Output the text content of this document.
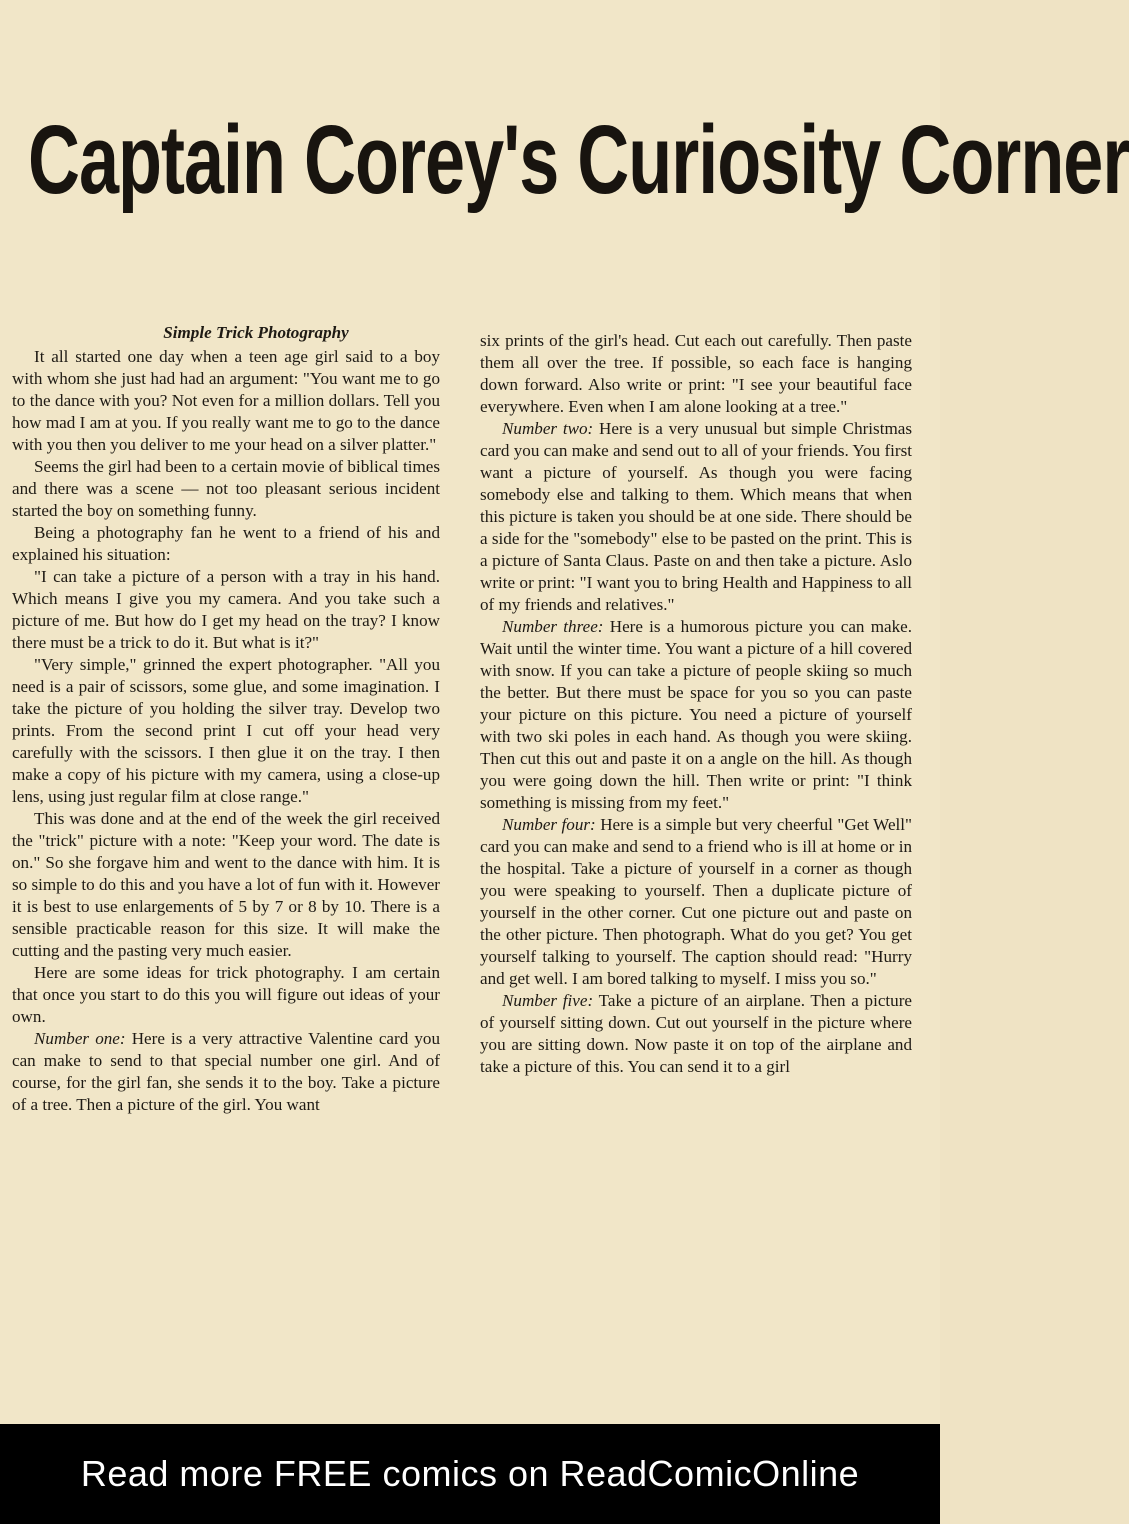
Captain Corey's Curiosity Corner
Simple Trick Photography

It all started one day when a teen age girl said to a boy with whom she just had had an argument: "You want me to go to the dance with you? Not even for a million dollars. Tell you how mad I am at you. If you really want me to go to the dance with you then you deliver to me your head on a silver platter."

Seems the girl had been to a certain movie of biblical times and there was a scene — not too pleasant serious incident started the boy on something funny.

Being a photography fan he went to a friend of his and explained his situation:

"I can take a picture of a person with a tray in his hand. Which means I give you my camera. And you take such a picture of me. But how do I get my head on the tray? I know there must be a trick to do it. But what is it?"

"Very simple," grinned the expert photographer. "All you need is a pair of scissors, some glue, and some imagination. I take the picture of you holding the silver tray. Develop two prints. From the second print I cut off your head very carefully with the scissors. I then glue it on the tray. I then make a copy of his picture with my camera, using a close-up lens, using just regular film at close range."

This was done and at the end of the week the girl received the "trick" picture with a note: "Keep your word. The date is on." So she forgave him and went to the dance with him. It is so simple to do this and you have a lot of fun with it. However it is best to use enlargements of 5 by 7 or 8 by 10. There is a sensible practicable reason for this size. It will make the cutting and the pasting very much easier.

Here are some ideas for trick photography. I am certain that once you start to do this you will figure out ideas of your own.

Number one: Here is a very attractive Valentine card you can make to send to that special number one girl. And of course, for the girl fan, she sends it to the boy. Take a picture of a tree. Then a picture of the girl. You want

six prints of the girl's head. Cut each out carefully. Then paste them all over the tree. If possible, so each face is hanging down forward. Also write or print: "I see your beautiful face everywhere. Even when I am alone looking at a tree."

Number two: Here is a very unusual but simple Christmas card you can make and send out to all of your friends. You first want a picture of yourself. As though you were facing somebody else and talking to them. Which means that when this picture is taken you should be at one side. There should be a side for the "somebody" else to be pasted on the print. This is a picture of Santa Claus. Paste on and then take a picture. Aslo write or print: "I want you to bring Health and Happiness to all of my friends and relatives."

Number three: Here is a humorous picture you can make. Wait until the winter time. You want a picture of a hill covered with snow. If you can take a picture of people skiing so much the better. But there must be space for you so you can paste your picture on this picture. You need a picture of yourself with two ski poles in each hand. As though you were skiing. Then cut this out and paste it on a angle on the hill. As though you were going down the hill. Then write or print: "I think something is missing from my feet."

Number four: Here is a simple but very cheerful "Get Well" card you can make and send to a friend who is ill at home or in the hospital. Take a picture of yourself in a corner as though you were speaking to yourself. Then a duplicate picture of yourself in the other corner. Cut one picture out and paste on the other picture. Then photograph. What do you get? You get yourself talking to yourself. The caption should read: "Hurry and get well. I am bored talking to myself. I miss you so."

Number five: Take a picture of an airplane. Then a picture of yourself sitting down. Cut out yourself in the picture where you are sitting down. Now paste it on top of the airplane and take a picture of this. You can send it to a girl

Read more FREE comics on ReadComicOnline
